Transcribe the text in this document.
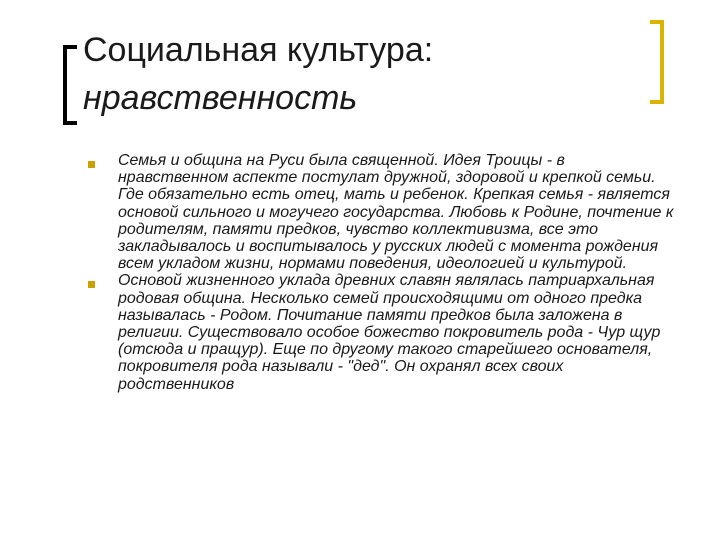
Социальная культура:
нравственность
Семья и община на Руси была священной. Идея Троицы - в нравственном аспекте постулат дружной, здоровой и крепкой семьи. Где обязательно есть отец, мать и ребенок. Крепкая семья - является основой сильного и могучего государства. Любовь к Родине, почтение к родителям, памяти предков, чувство коллективизма, все это закладывалось и воспитывалось у русских людей с момента рождения всем укладом жизни, нормами поведения, идеологией и культурой.
Основой жизненного уклада древних славян являлась патриархальная родовая община. Несколько семей происходящими от одного предка называлась - Родом. Почитание памяти предков была заложена в религии. Существовало особое божество покровитель рода - Чур щур (отсюда и пращур). Еще по другому такого старейшего основателя, покровителя рода называли - "дед". Он охранял всех своих родственников
